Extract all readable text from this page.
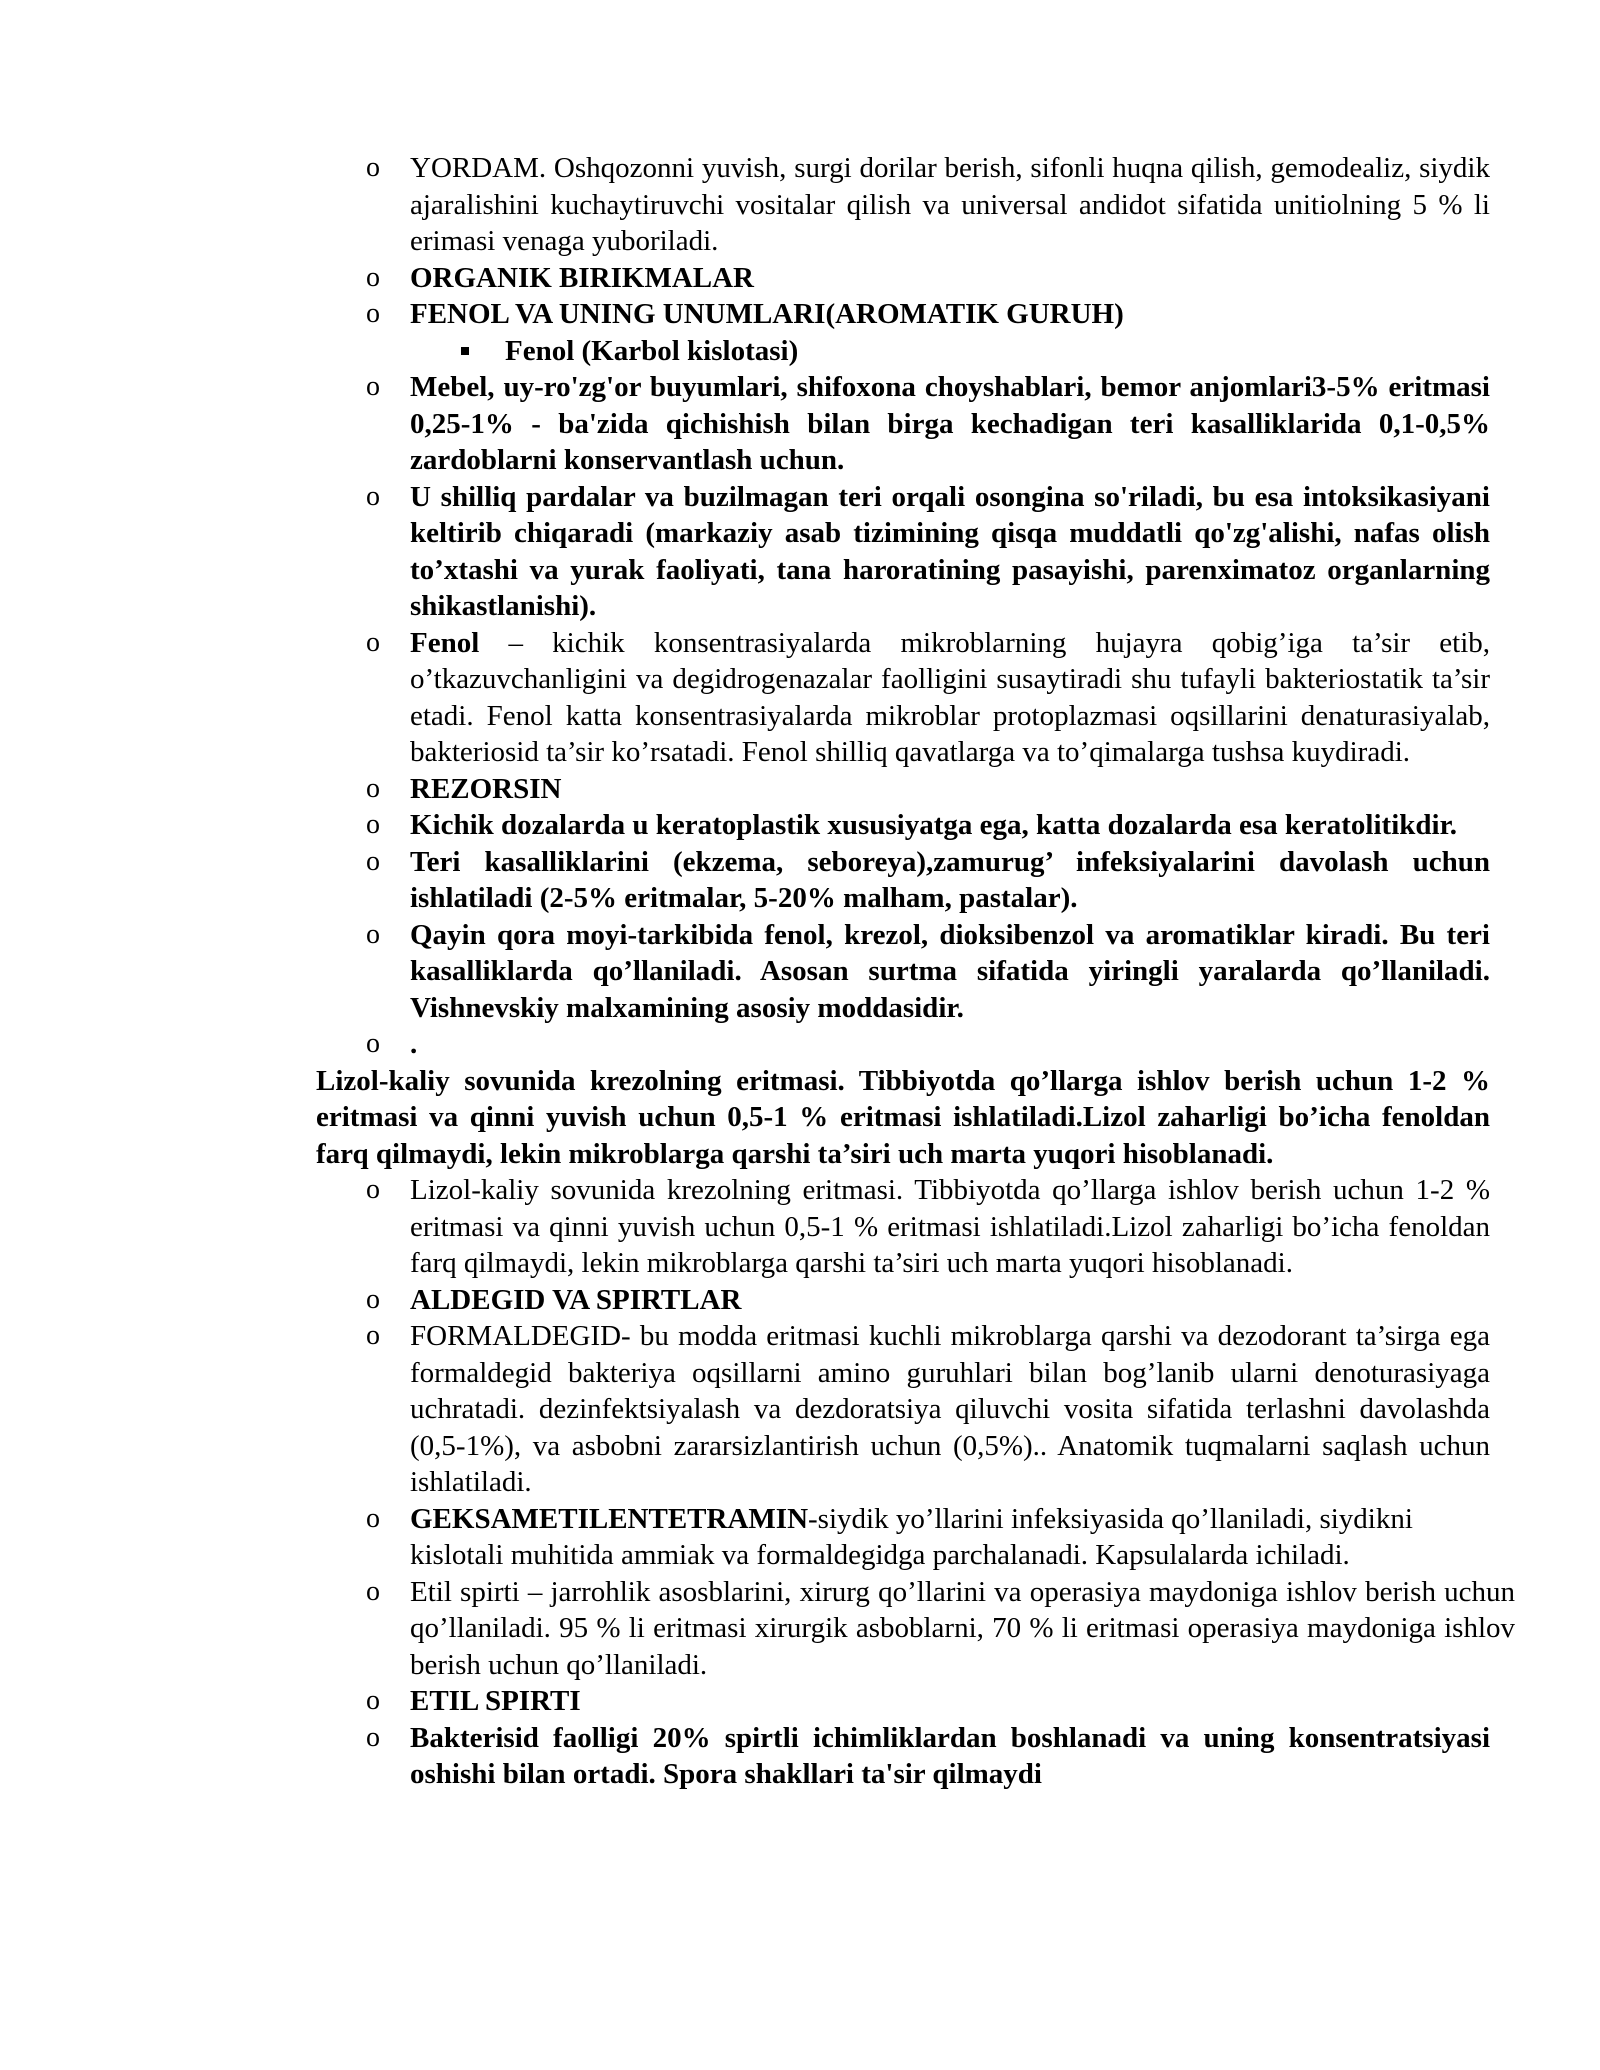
o YORDAM. Oshqozonni yuvish, surgi dorilar berish, sifonli huqna qilish, gemodealiz, siydik ajaralishini kuchaytiruvchi vositalar qilish va universal andidot sifatida unitiolning 5 % li erimasi venaga yuboriladi.
o ORGANIK BIRIKMALAR
o FENOL VA UNING UNUMLARI(AROMATIK GURUH)
Fenol (Karbol kislotasi)
o Mebel, uy-ro'zg'or buyumlari, shifoxona choyshablari, bemor anjomlari3-5% eritmasi 0,25-1% - ba'zida qichishish bilan birga kechadigan teri kasalliklarida 0,1-0,5% zardoblarni konservantlash uchun.
o U shilliq pardalar va buzilmagan teri orqali osongina so'riladi, bu esa intoksikasiyani keltirib chiqaradi (markaziy asab tizimining qisqa muddatli qo'zg'alishi, nafas olish to’xtashi va yurak faoliyati, tana haroratining pasayishi, parenximatoz organlarning shikastlanishi).
o Fenol – kichik konsentrasiyalarda mikroblarning hujayra qobig’iga ta’sir etib, o’tkazuvchanligini va degidrogenazalar faolligini susaytiradi shu tufayli bakteriostatik ta’sir etadi. Fenol katta konsentrasiyalarda mikroblar protoplazmasi oqsillarini denaturasiyalab, bakteriosid ta’sir ko’rsatadi. Fenol shilliq qavatlarga va to’qimalarga tushsa kuydiradi.
o REZORSIN
o Kichik dozalarda u keratoplastik xususiyatga ega, katta dozalarda esa keratolitikdir.
o Teri kasalliklarini (ekzema, seboreya),zamurug’ infeksiyalarini davolash uchun ishlatiladi (2-5% eritmalar, 5-20% malham, pastalar).
o Qayin qora moyi-tarkibida fenol, krezol, dioksibenzol va aromatiklar kiradi. Bu teri kasalliklarda qo’llaniladi. Asosan surtma sifatida yiringli yaralarda qo’llaniladi. Vishnevskiy malxamining asosiy moddasidir.
o .
Lizol-kaliy sovunida krezolning eritmasi. Tibbiyotda qo’llarga ishlov berish uchun 1-2 % eritmasi va qinni yuvish uchun 0,5-1 % eritmasi ishlatiladi.Lizol zaharligi bo’icha fenoldan farq qilmaydi, lekin mikroblarga qarshi ta’siri uch marta yuqori hisoblanadi.
o Lizol-kaliy sovunida krezolning eritmasi. Tibbiyotda qo’llarga ishlov berish uchun 1-2 % eritmasi va qinni yuvish uchun 0,5-1 % eritmasi ishlatiladi.Lizol zaharligi bo’icha fenoldan farq qilmaydi, lekin mikroblarga qarshi ta’siri uch marta yuqori hisoblanadi.
o ALDEGID VA SPIRTLAR
o FORMALDEGID- bu modda eritmasi kuchli mikroblarga qarshi va dezodorant ta’sirga ega formaldegid bakteriya oqsillarni amino guruhlari bilan bog’lanib ularni denoturasiyaga uchratadi. dezinfektsiyalash va dezdoratsiya qiluvchi vosita sifatida terlashni davolashda (0,5-1%), va asbobni zararsizlantirish uchun (0,5%).. Anatomik tuqmalarni saqlash uchun ishlatiladi.
o GEKSAMETILENTETRAMIN-siydik yo’llarini infeksiyasida qo’llaniladi, siydikni kislotali muhitida ammiak va formaldegidga parchalanadi. Kapsulalarda ichiladi.
o Etil spirti – jarrohlik asosblarini, xirurg qo’llarini va operasiya maydoniga ishlov berish uchun qo’llaniladi. 95 % li eritmasi xirurgik asboblarni, 70 % li eritmasi operasiya maydoniga ishlov berish uchun qo’llaniladi.
o ETIL SPIRTI
o Bakterisid faolligi 20% spirtli ichimliklardan boshlanadi va uning konsentratsiyasi oshishi bilan ortadi. Spora shakllari ta'sir qilmaydi
